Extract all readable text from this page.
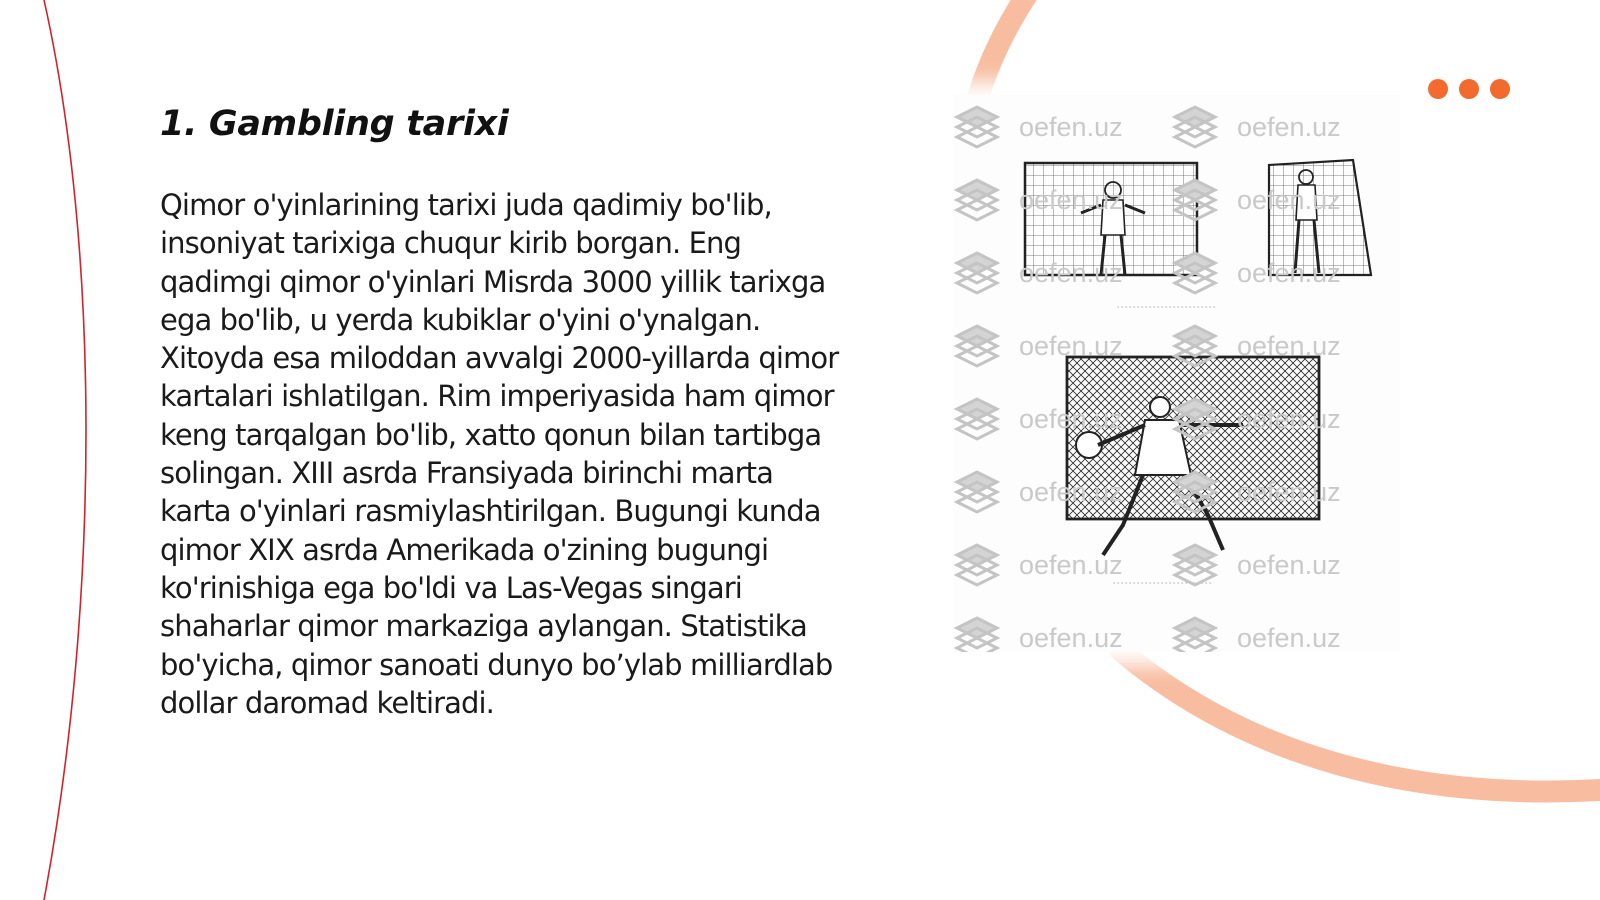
1. Gambling tarixi

Qimor o'yinlarining tarixi juda qadimiy bo'lib, insoniyat tarixiga chuqur kirib borgan. Eng qadimgi qimor o'yinlari Misrda 3000 yillik tarixga ega bo'lib, u yerda kubiklar o'yini o'ynalgan. Xitoyda esa miloddan avvalgi 2000-yillarda qimor kartalari ishlatilgan. Rim imperiyasida ham qimor keng tarqalgan bo'lib, xatto qonun bilan tartibga solingan. XIII asrda Fransiyada birinchi marta karta o'yinlari rasmiylashtirilgan. Bugungi kunda qimor XIX asrda Amerikada o'zining bugungi ko'rinishiga ega bo'ldi va Las-Vegas singari shaharlar qimor markaziga aylangan. Statistika bo'yicha, qimor sanoati dunyo bo’ylab milliardlab dollar daromad keltiradi.

· · · · · · · · · · · · · · · · · · · · · · · · ·
· · · · · · · · · · · · · · · · · · · · · · · · ·
oefen.uz	oefen.uz
oefen.uz	oefen.uz
oefen.uz	oefen.uz
oefen.uz	oefen.uz
oefen.uz	oefen.uz
oefen.uz	oefen.uz
oefen.uz	oefen.uz
oefen.uz	oefen.uz
